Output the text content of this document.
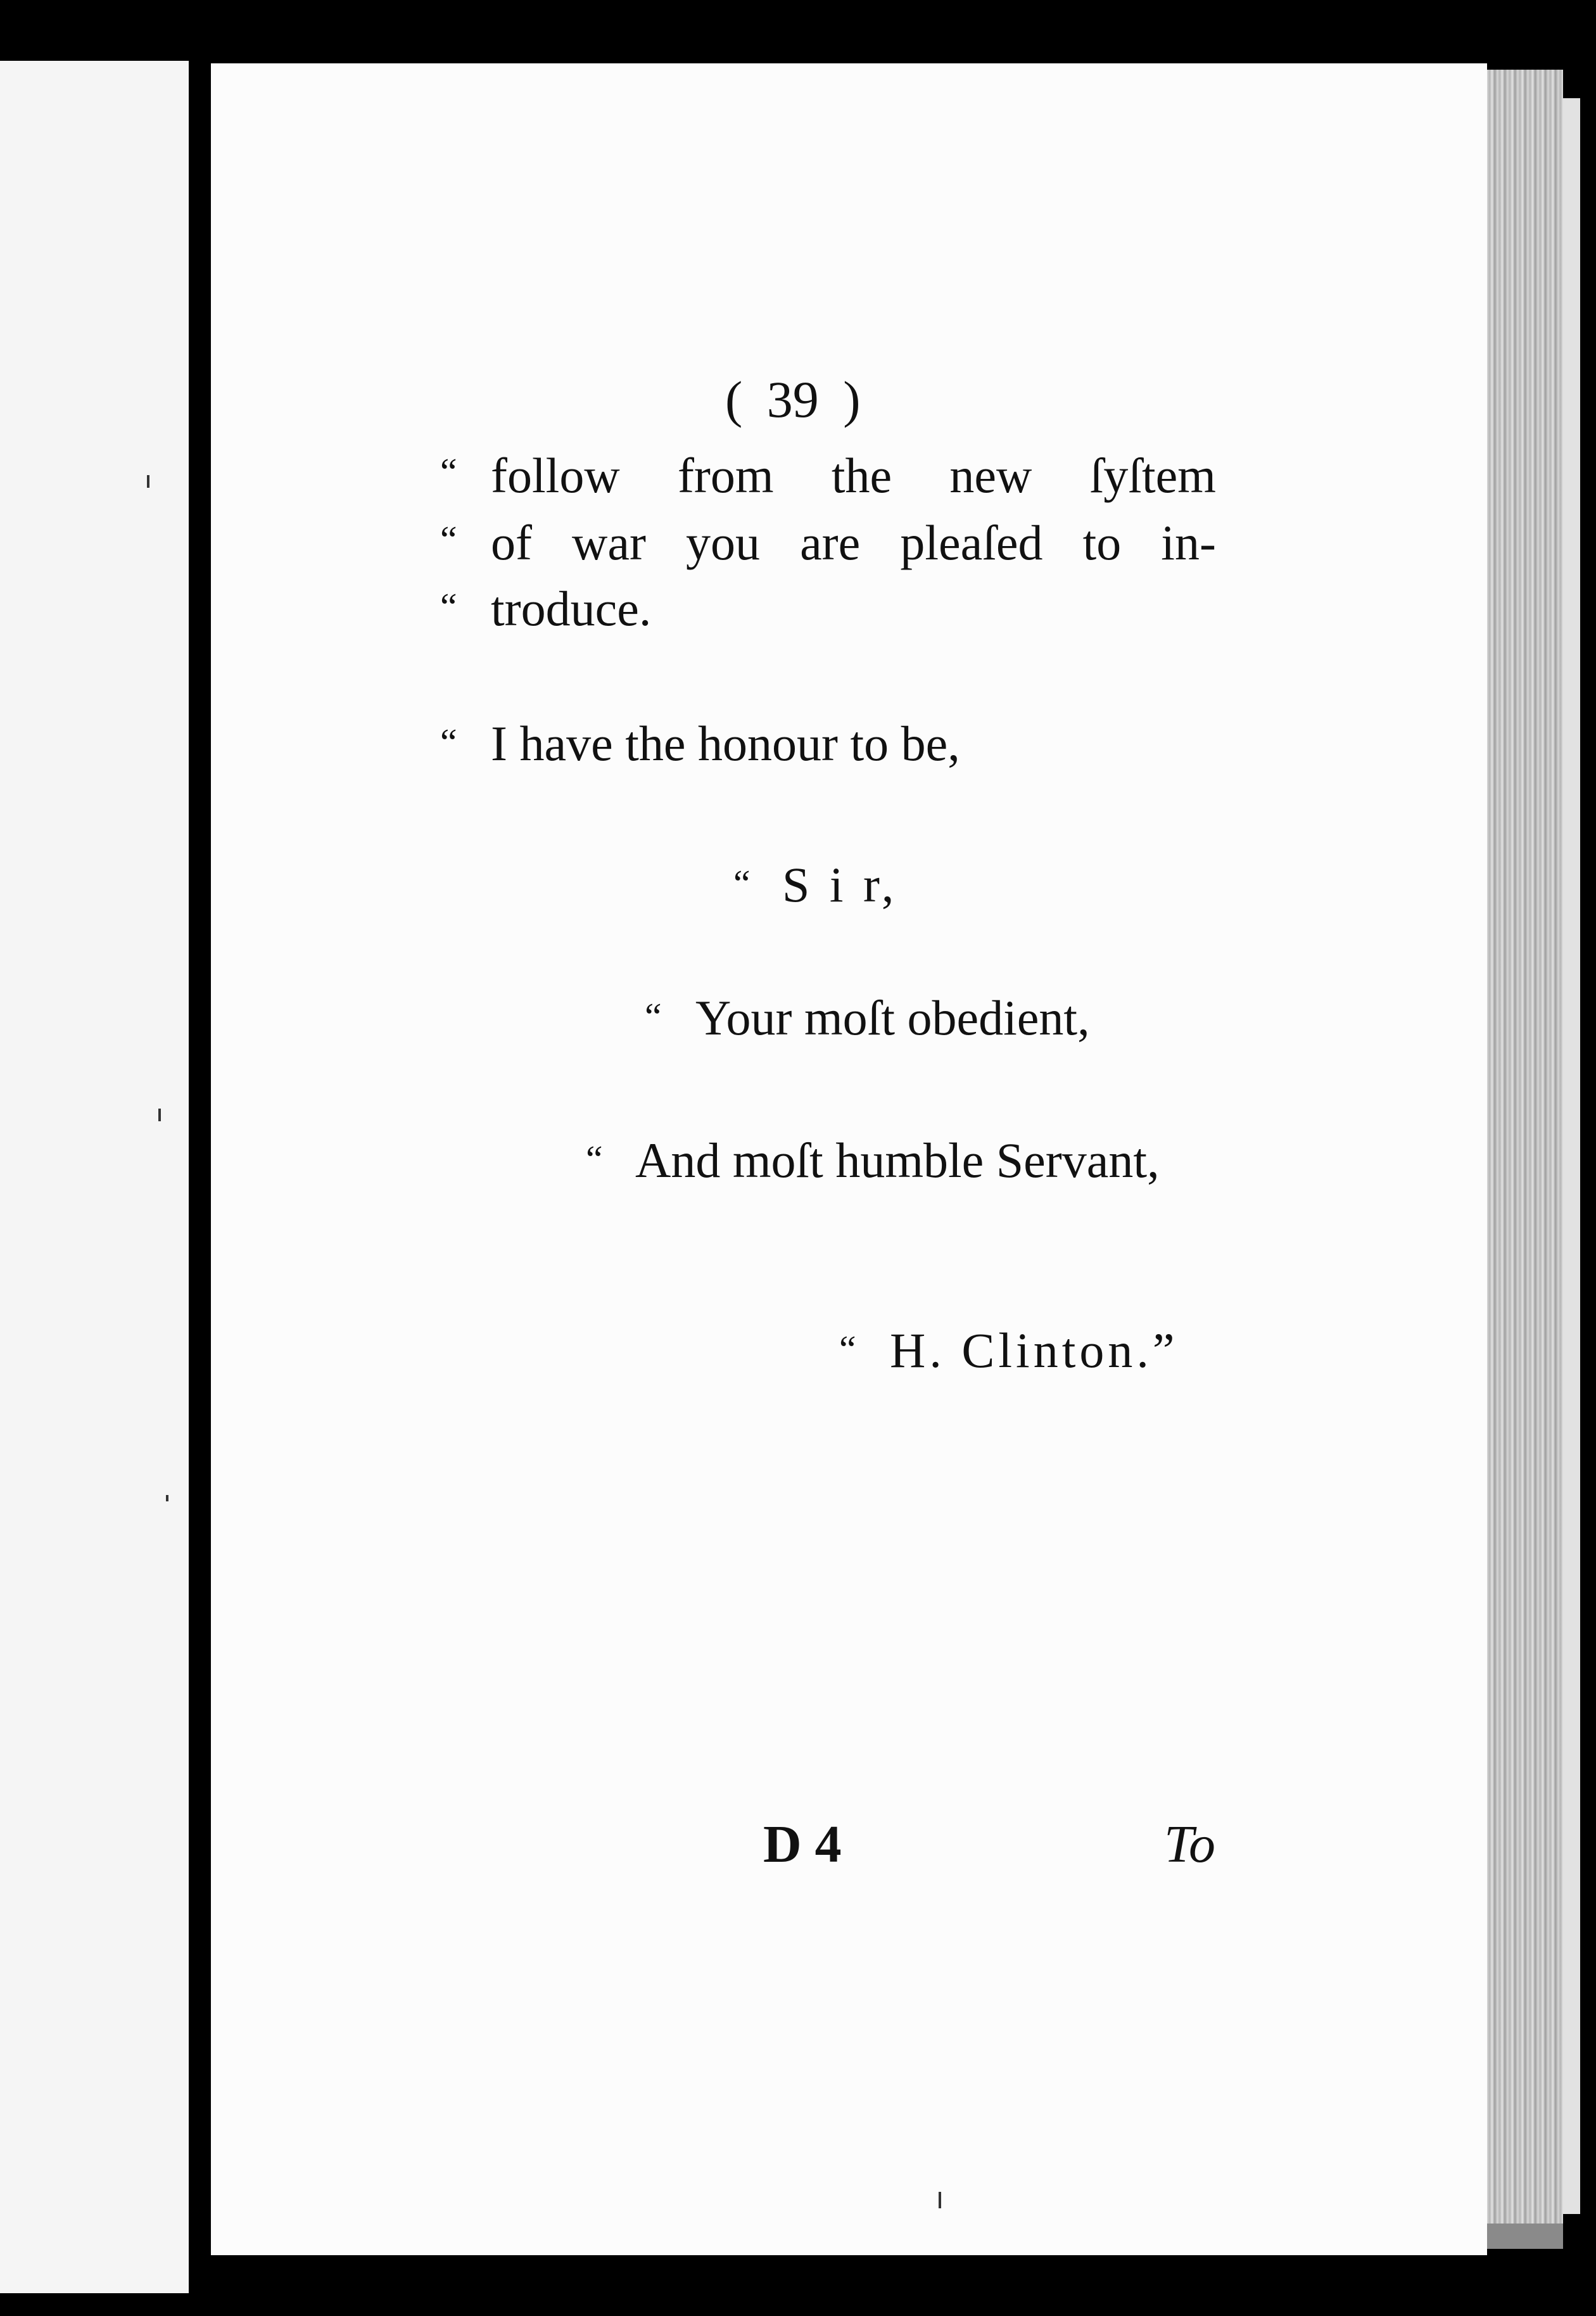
( 39 )
“ follow from the new ſyſtem
“ of war you are pleaſed to in-
“ troduce.
“ I have the honour to be,
“ S i r,
“ Your moſt obedient,
“ And moſt humble Servant,
“ H. Clinton.”
D 4	To
